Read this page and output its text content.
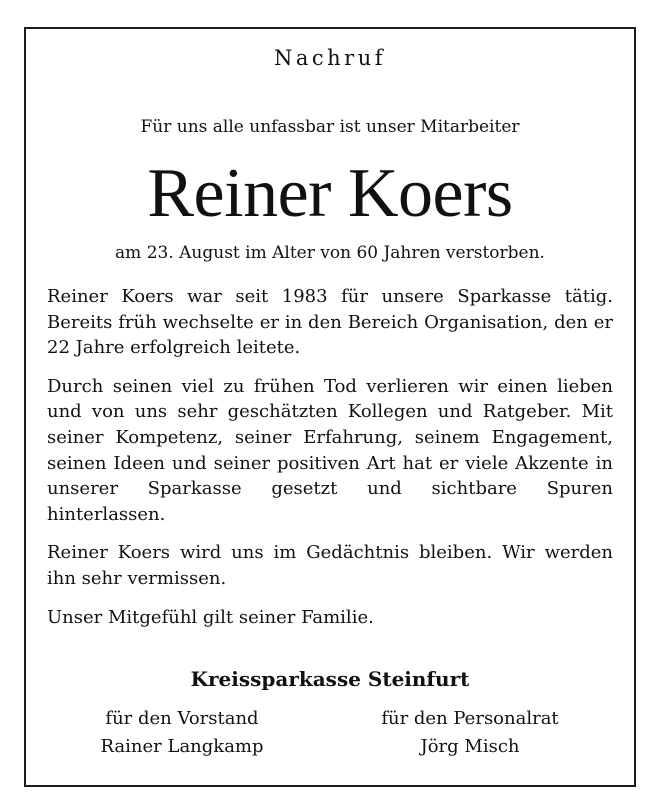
Nachruf
Für uns alle unfassbar ist unser Mitarbeiter
Reiner Koers
am 23. August im Alter von 60 Jahren verstorben.

Reiner Koers war seit 1983 für unsere Sparkasse tätig. Bereits früh wechselte er in den Bereich Organisation, den er 22 Jahre erfolgreich leitete.

Durch seinen viel zu frühen Tod verlieren wir einen lieben und von uns sehr geschätzten Kollegen und Ratgeber. Mit seiner Kompetenz, seiner Erfahrung, seinem Engagement, seinen Ideen und seiner positiven Art hat er viele Akzente in unserer Sparkasse gesetzt und sichtbare Spuren hinterlassen.

Reiner Koers wird uns im Gedächtnis bleiben. Wir werden ihn sehr vermissen.

Unser Mitgefühl gilt seiner Familie.

Kreissparkasse Steinfurt
für den Vorstand
Rainer Langkamp
für den Personalrat
Jörg Misch
